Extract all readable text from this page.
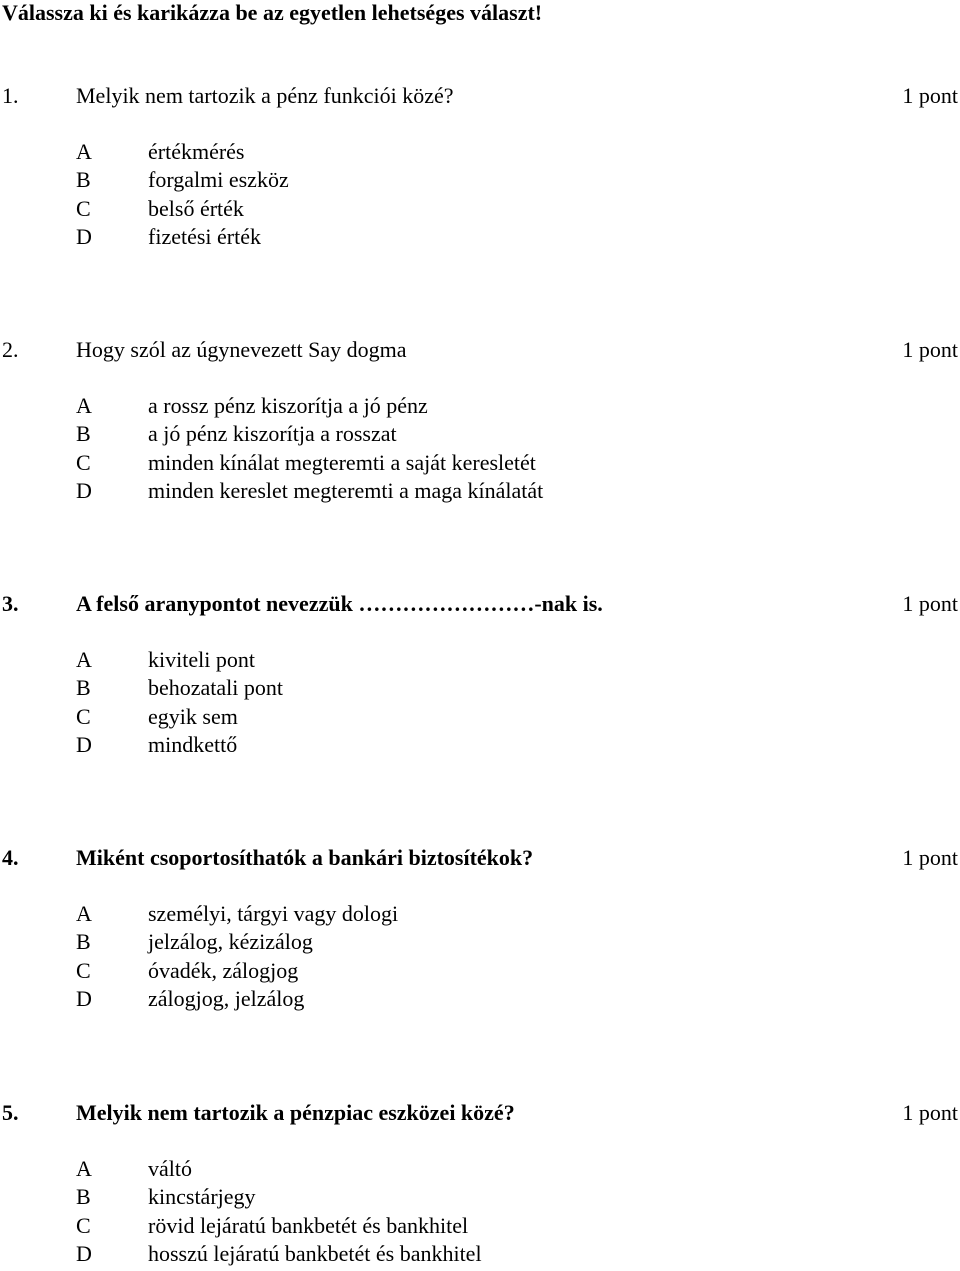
Válassza ki és karikázza be az egyetlen lehetséges választ!
1.	Melyik nem tartozik a pénz funkciói közé?	1 pont
A	értékmérés
B	forgalmi eszköz
C	belső érték
D	fizetési érték
2.	Hogy szól az úgynevezett Say dogma	1 pont
A	a rossz pénz kiszorítja a jó pénz
B	a jó pénz kiszorítja a rosszat
C	minden kínálat megteremti a saját keresletét
D	minden kereslet megteremti a maga kínálatát
3.	A felső aranypontot nevezzük ……………………-nak is.	1 pont
A	kiviteli pont
B	behozatali pont
C	egyik sem
D	mindkettő
4.	Miként csoportosíthatók a bankári biztosítékok?	1 pont
A	személyi, tárgyi vagy dologi
B	jelzálog, kézizálog
C	óvadék, zálogjog
D	zálogjog, jelzálog
5.	Melyik nem tartozik a pénzpiac eszközei közé?	1 pont
A	váltó
B	kincstárjegy
C	rövid lejáratú bankbetét és bankhitel
D	hosszú lejáratú bankbetét és bankhitel
